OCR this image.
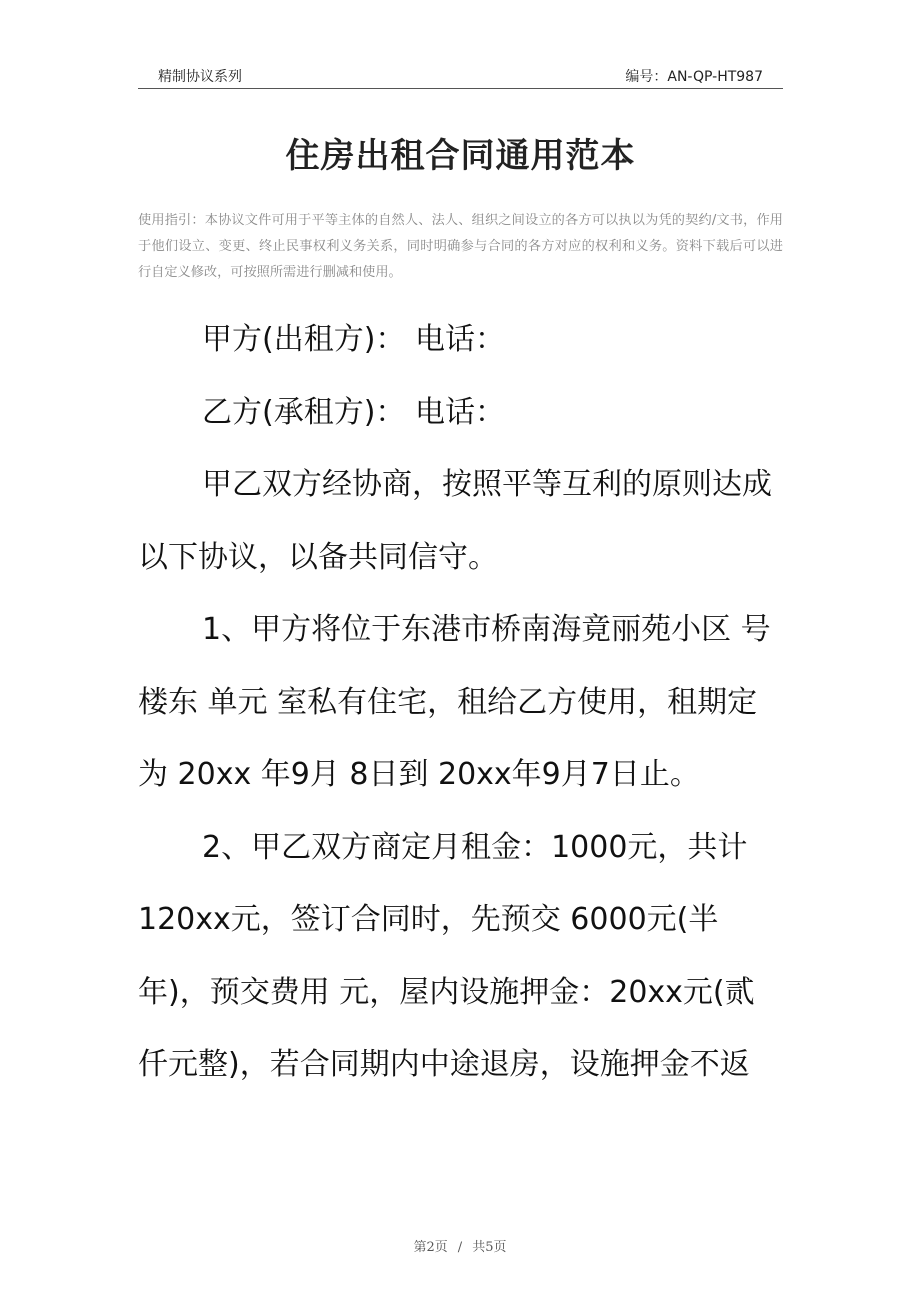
精制协议系列	编号：AN-QP-HT987
住房出租合同通用范本
使用指引：本协议文件可用于平等主体的自然人、法人、组织之间设立的各方可以执以为凭的契约/文书，作用于他们设立、变更、终止民事权利义务关系，同时明确参与合同的各方对应的权利和义务。资料下载后可以进行自定义修改，可按照所需进行删减和使用。

甲方(出租方)： 电话：

乙方(承租方)： 电话：

甲乙双方经协商，按照平等互利的原则达成以下协议，以备共同信守。

1、甲方将位于东港市桥南海竟丽苑小区 号楼东 单元 室私有住宅，租给乙方使用，租期定为 20xx 年9月 8日到 20xx年9月7日止。

2、甲乙双方商定月租金：1000元，共计120xx元，签订合同时，先预交 6000元(半年)，预交费用 元，屋内设施押金：20xx元(贰仟元整)，若合同期内中途退房，设施押金不返

第2页 / 共5页
